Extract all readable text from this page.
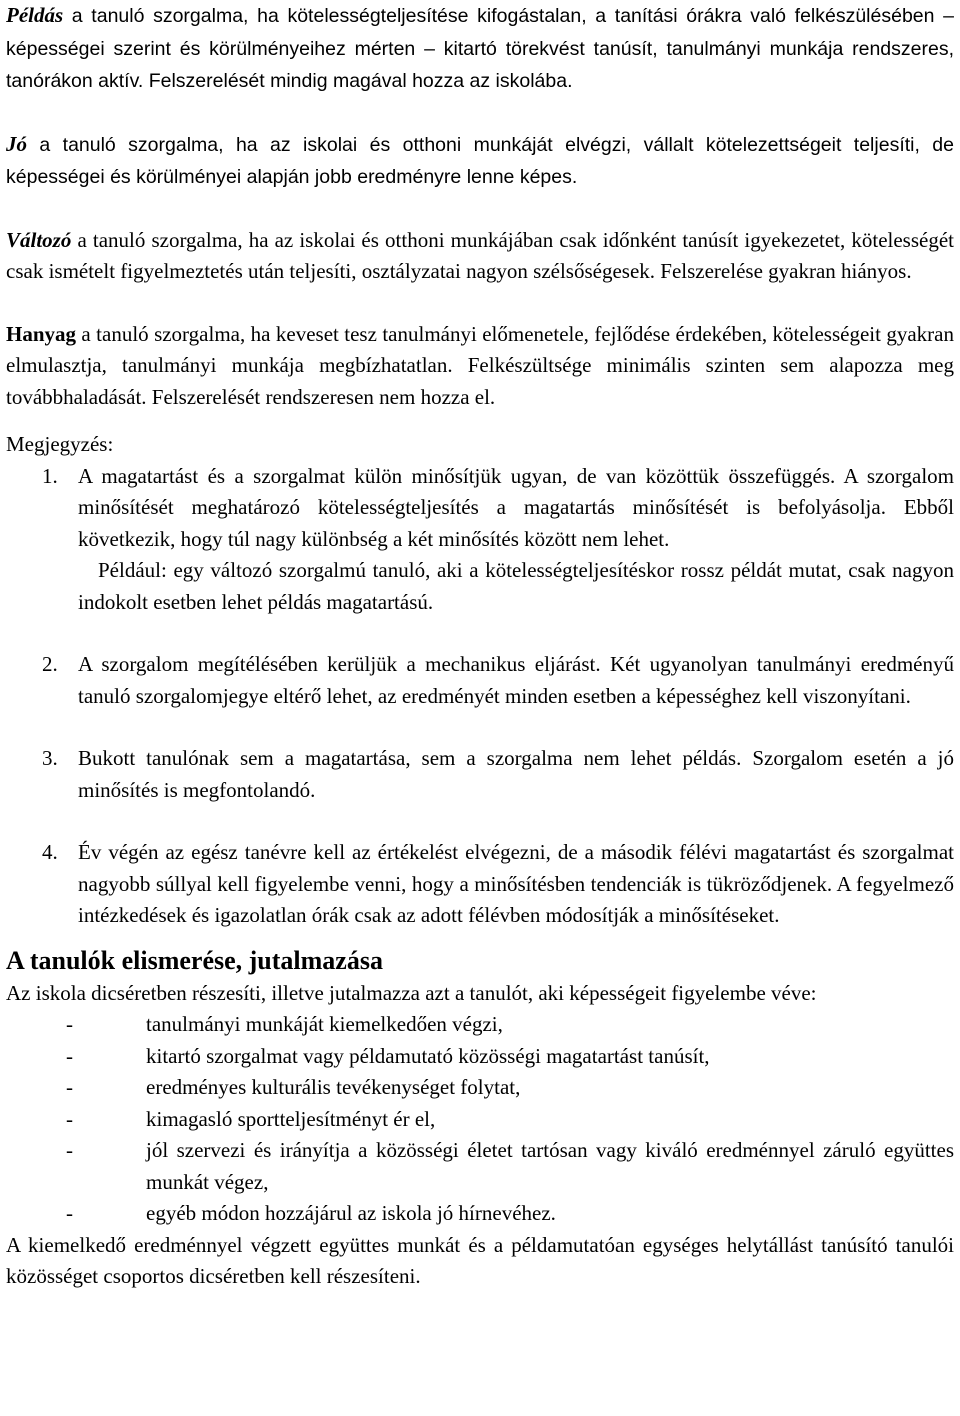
Példás a tanuló szorgalma, ha kötelességteljesítése kifogástalan, a tanítási órákra való felkészülésében – képességei szerint és körülményeihez mérten – kitartó törekvést tanúsít, tanulmányi munkája rendszeres, tanórákon aktív. Felszerelését mindig magával hozza az iskolába.

Jó a tanuló szorgalma, ha az iskolai és otthoni munkáját elvégzi, vállalt kötelezettségeit teljesíti, de képességei és körülményei alapján jobb eredményre lenne képes.

Változó a tanuló szorgalma, ha az iskolai és otthoni munkájában csak időnként tanúsít igyekezetet, kötelességét csak ismételt figyelmeztetés után teljesíti, osztályzatai nagyon szélsőségesek. Felszerelése gyakran hiányos.

Hanyag a tanuló szorgalma, ha keveset tesz tanulmányi előmenetele, fejlődése érdekében, kötelességeit gyakran elmulasztja, tanulmányi munkája megbízhatatlan. Felkészültsége minimális szinten sem alapozza meg továbbhaladását. Felszerelését rendszeresen nem hozza el.

Megjegyzés:

1. A magatartást és a szorgalmat külön minősítjük ugyan, de van közöttük összefüggés. A szorgalom minősítését meghatározó kötelességteljesítés a magatartás minősítését is befolyásolja. Ebből következik, hogy túl nagy különbség a két minősítés között nem lehet.

Például: egy változó szorgalmú tanuló, aki a kötelességteljesítéskor rossz példát mutat, csak nagyon indokolt esetben lehet példás magatartású.

2. A szorgalom megítélésében kerüljük a mechanikus eljárást. Két ugyanolyan tanulmányi eredményű tanuló szorgalomjegye eltérő lehet, az eredményét minden esetben a képességhez kell viszonyítani.

3. Bukott tanulónak sem a magatartása, sem a szorgalma nem lehet példás. Szorgalom esetén a jó minősítés is megfontolandó.

4. Év végén az egész tanévre kell az értékelést elvégezni, de a második félévi magatartást és szorgalmat nagyobb súllyal kell figyelembe venni, hogy a minősítésben tendenciák is tükröződjenek. A fegyelmező intézkedések és igazolatlan órák csak az adott félévben módosítják a minősítéseket.

A tanulók elismerése, jutalmazása

Az iskola dicséretben részesíti, illetve jutalmazza azt a tanulót, aki képességeit figyelembe véve:

-	tanulmányi munkáját kiemelkedően végzi,
-	kitartó szorgalmat vagy példamutató közösségi magatartást tanúsít,
-	eredményes kulturális tevékenységet folytat,
-	kimagasló sportteljesítményt ér el,
-	jól szervezi és irányítja a közösségi életet tartósan vagy kiváló eredménnyel záruló együttes munkát végez,
-	egyéb módon hozzájárul az iskola jó hírnevéhez.

A kiemelkedő eredménnyel végzett együttes munkát és a példamutatóan egységes helytállást tanúsító tanulói közösséget csoportos dicséretben kell részesíteni.
